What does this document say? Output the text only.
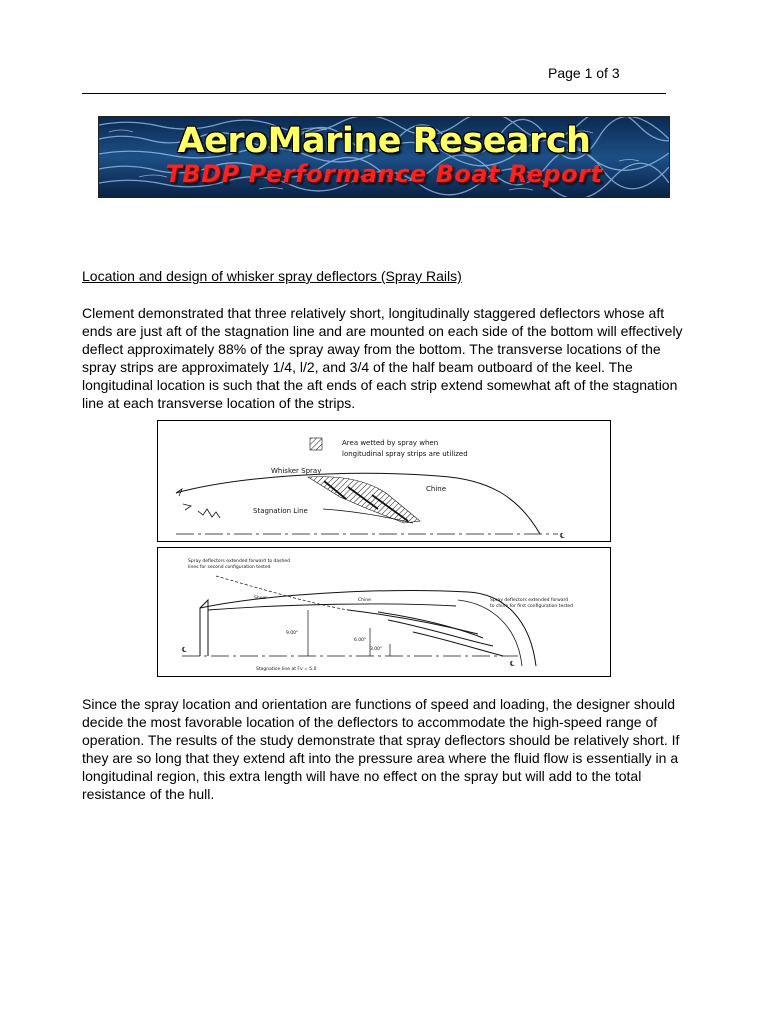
Page 1 of 3
AeroMarine Research
TBDP Performance Boat Report
Location and design of whisker spray deflectors (Spray Rails)

Clement demonstrated that three relatively short, longitudinally staggered deflectors whose aft ends are just aft of the stagnation line and are mounted on each side of the bottom will effectively deflect approximately 88% of the spray away from the bottom. The transverse locations of the spray strips are approximately 1/4, l/2, and 3/4 of the half beam outboard of the keel. The longitudinal location is such that the aft ends of each strip extend somewhat aft of the stagnation line at each transverse location of the strips.

Area wetted by spray when
longitudinal spray strips are utilized
Whisker Spray
Chine
Stagnation Line
℄
Spray deflectors extended forward to dashed
lines for second configuration tested
Spray deflectors extended forward
to chine for first configuration tested
Sheer	Chine
9.00"
6.00"
3.00"
Stagnation line at Fv = 5.0
℄
℄

Since the spray location and orientation are functions of speed and loading, the designer should decide the most favorable location of the deflectors to accommodate the high-speed range of operation. The results of the study demonstrate that spray deflectors should be relatively short. If they are so long that they extend aft into the pressure area where the fluid flow is essentially in a longitudinal region, this extra length will have no effect on the spray but will add to the total resistance of the hull.
